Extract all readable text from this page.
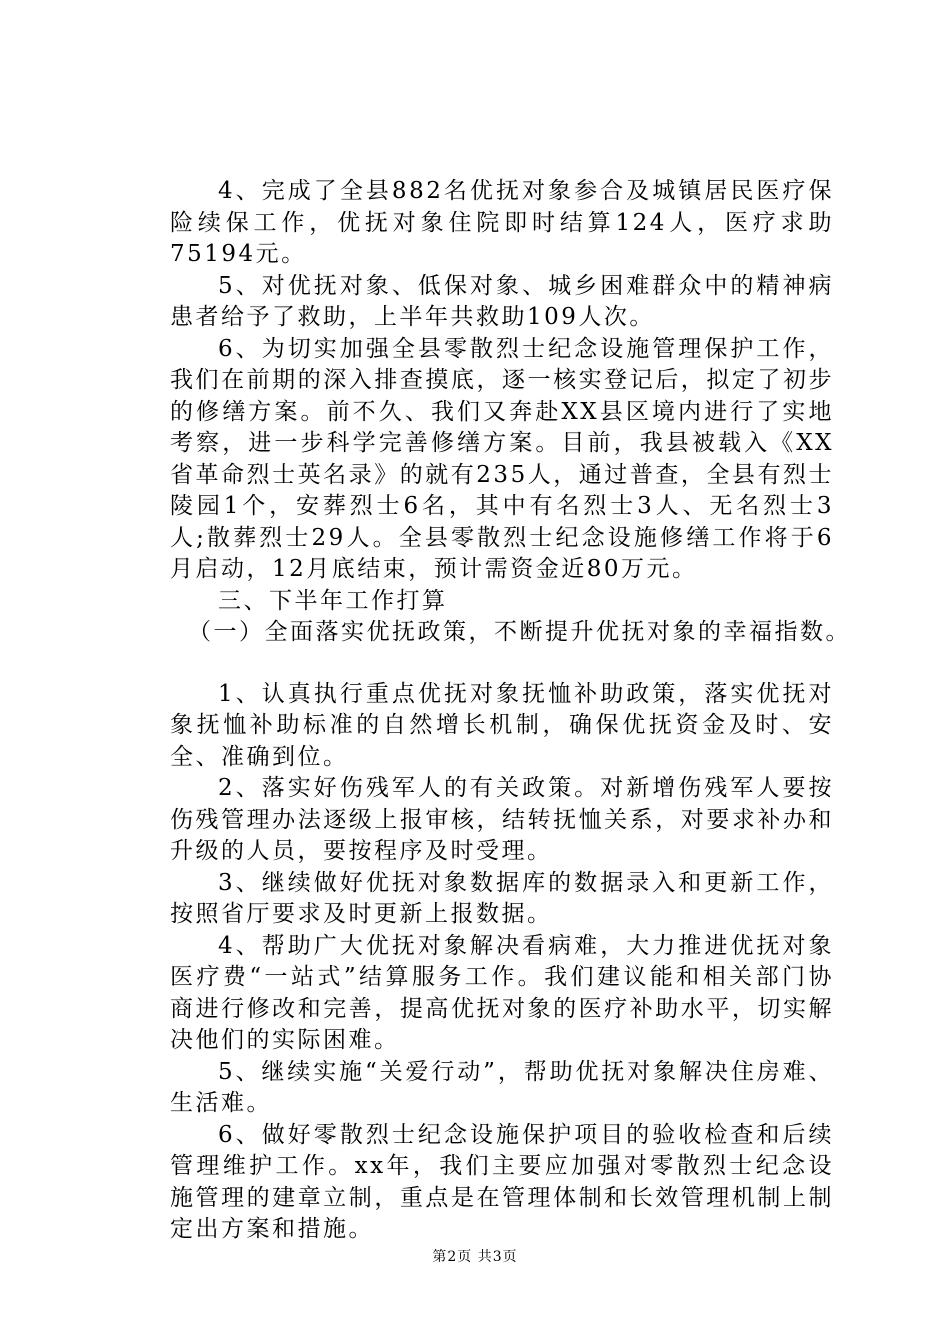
4、完成了全县882名优抚对象参合及城镇居民医疗保险续保工作，优抚对象住院即时结算124人，医疗求助75194元。

5、对优抚对象、低保对象、城乡困难群众中的精神病患者给予了救助，上半年共救助109人次。

6、为切实加强全县零散烈士纪念设施管理保护工作，我们在前期的深入排查摸底，逐一核实登记后，拟定了初步的修缮方案。前不久、我们又奔赴XX县区境内进行了实地考察，进一步科学完善修缮方案。目前，我县被载入《XX省革命烈士英名录》的就有235人，通过普查，全县有烈士陵园1个，安葬烈士6名，其中有名烈士3人、无名烈士3人;散葬烈士29人。全县零散烈士纪念设施修缮工作将于6月启动，12月底结束，预计需资金近80万元。

三、下半年工作打算

（一）全面落实优抚政策，不断提升优抚对象的幸福指数。

1、认真执行重点优抚对象抚恤补助政策，落实优抚对象抚恤补助标准的自然增长机制，确保优抚资金及时、安全、准确到位。

2、落实好伤残军人的有关政策。对新增伤残军人要按伤残管理办法逐级上报审核，结转抚恤关系，对要求补办和升级的人员，要按程序及时受理。

3、继续做好优抚对象数据库的数据录入和更新工作，按照省厅要求及时更新上报数据。

4、帮助广大优抚对象解决看病难，大力推进优抚对象医疗费“一站式”结算服务工作。我们建议能和相关部门协商进行修改和完善，提高优抚对象的医疗补助水平，切实解决他们的实际困难。

5、继续实施“关爱行动”，帮助优抚对象解决住房难、生活难。

6、做好零散烈士纪念设施保护项目的验收检查和后续管理维护工作。xx年，我们主要应加强对零散烈士纪念设施管理的建章立制，重点是在管理体制和长效管理机制上制定出方案和措施。

第2页 共3页
